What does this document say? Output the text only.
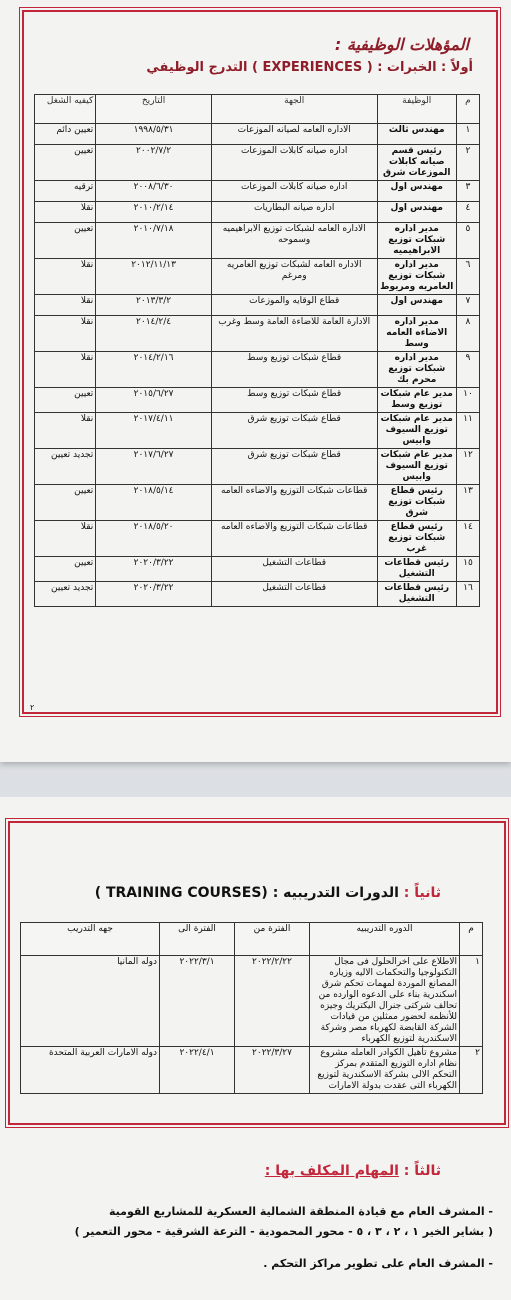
المؤهلات الوظيفية :
أولاً : الخبرات : ( EXPERIENCES ) التدرج الوظيفي
م	الوظيفة	الجهة	التاريخ	كيفيه الشغل
١	مهندس ثالث	الاداره العامه لصيانه الموزعات	١٩٩٨/٥/٣١	تعيين دائم
٢	رئيس قسم صيانه كابلات الموزعات شرق	اداره صيانه كابلات الموزعات	٢٠٠٢/٧/٢	تعيين
٣	مهندس اول	اداره صيانه كابلات الموزعات	٢٠٠٨/٦/٣٠	ترقيه
٤	مهندس اول	اداره صيانه البطاريات	٢٠١٠/٢/١٤	نقلا
٥	مدير اداره شبكات توزيع الابراهيميه	الاداره العامه لشبكات توزيع الابراهيميه وسموحه	٢٠١٠/٧/١٨	تعيين
٦	مدير اداره شبكات توزيع العامريه ومريوط	الاداره العامه لشبكات توزيع العامريه ومرغم	٢٠١٢/١١/١٣	نقلا
٧	مهندس اول	قطاع الوقايه والموزعات	٢٠١٣/٣/٢	نقلا
٨	مدير اداره الاضاءه العامه وسط	الادارة العامة للاضاءة العامة وسط وغرب	٢٠١٤/٢/٤	نقلا
٩	مدير اداره شبكات توزيع محرم بك	قطاع شبكات توزيع وسط	٢٠١٤/٢/١٦	نقلا
١٠	مدير عام شبكات توزيع وسط	قطاع شبكات توزيع وسط	٢٠١٥/٦/٢٧	تعيين
١١	مدير عام شبكات توزيع السيوف وابيس	قطاع شبكات توزيع شرق	٢٠١٧/٤/١١	نقلا
١٢	مدير عام شبكات توزيع السيوف وابيس	قطاع شبكات توزيع شرق	٢٠١٧/٦/٢٧	تجديد تعيين
١٣	رئيس قطاع شبكات توزيع شرق	قطاعات شبكات التوزيع والاضاءه العامه	٢٠١٨/٥/١٤	تعيين
١٤	رئيس قطاع شبكات توزيع غرب	قطاعات شبكات التوزيع والاضاءه العامه	٢٠١٨/٥/٢٠	نقلا
١٥	رئيس قطاعات التشغيل	قطاعات التشغيل	٢٠٢٠/٣/٢٢	تعيين
١٦	رئيس قطاعات التشغيل	قطاعات التشغيل	٢٠٢٠/٣/٢٢	تجديد تعيين
٢
ثانياً : الدورات التدريبيه : ( TRAINING COURSES)
م	الدوره التدريبيه	الفترة من	الفترة الى	جهه التدريب
١	الاطلاع على اخرالحلول فى مجال التكنولوجيا والتحكمات الاليه وزياره المصانع الموردة لمهمات تحكم شرق اسكندرية بناء على الدعوه الوارده من تحالف شركتى جنرال اليكتريك وجيزه للأنظمه لحضور ممثلين من قيادات الشركة القابضة لكهرباء مصر وشركة الاسكندرية لتوزيع الكهرباء	٢٠٢٢/٢/٢٢	٢٠٢٢/٣/١	دوله المانيا
٢	مشروع تأهيل الكوادر العامله مشروع نظام اداره التوزيع المتقدم بمركز التحكم الالى بشركة الاسكندرية لتوزيع الكهرباء التى عقدت بدولة الامارات	٢٠٢٢/٣/٢٧	٢٠٢٢/٤/١	دوله الامارات العربية المتحدة
ثالثاً : المهام المكلف بها :
- المشرف العام مع قيادة المنطقة الشمالية العسكرية للمشاريع القومية
( بشاير الخير ١ ، ٢ ، ٣ ، ٥ - محور المحمودية - الترعة الشرقية - محور التعمير )
- المشرف العام على تطوير مراكز التحكم .
